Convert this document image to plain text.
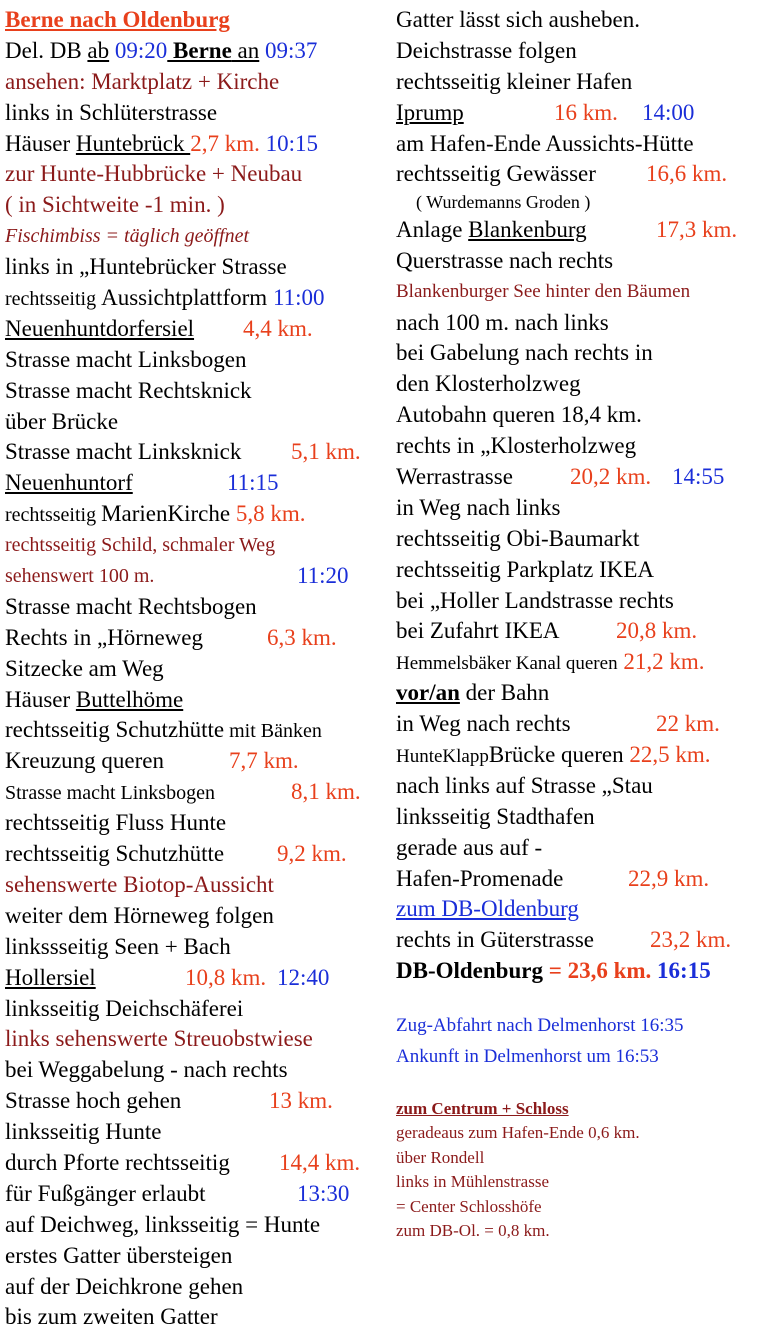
Berne nach Oldenburg
Del. DB ab 09:20 Berne an 09:37
ansehen: Marktplatz + Kirche
links in Schlüterstrasse
Häuser Huntebrück 2,7 km. 10:15
zur Hunte-Hubbrücke + Neubau
( in Sichtweite -1 min. )
Fischimbiss = täglich geöffnet
links in „Huntebrücker Strasse
rechtsseitig Aussichtplattform 11:00
Neuenhuntdorfersiel 4,4 km.
Strasse macht Linksbogen
Strasse macht Rechtsknick
über Brücke
Strasse macht Linksknick 5,1 km.
Neuenhuntorf	11:15
rechtsseitig MarienKirche 5,8 km.
rechtsseitig Schild, schmaler Weg
sehenswert 100 m.	11:20
Strasse macht Rechtsbogen
Rechts in „Hörneweg	6,3 km.
Sitzecke am Weg
Häuser Buttelhöme
rechtsseitig Schutzhütte mit Bänken
Kreuzung queren	7,7 km.
Strasse macht Linksbogen	8,1 km.
rechtsseitig Fluss Hunte
rechtsseitig Schutzhütte 9,2 km.
sehenswerte Biotop-Aussicht
weiter dem Hörneweg folgen
linkssseitig Seen + Bach
Hollersiel	10,8 km. 12:40
linksseitig Deichschäferei
links sehenswerte Streuobstwiese
bei Weggabelung - nach rechts
Strasse hoch gehen	13 km.
linksseitig Hunte
durch Pforte rechtsseitig 14,4 km.
für Fußgänger erlaubt	13:30
auf Deichweg, linksseitig = Hunte
erstes Gatter übersteigen
auf der Deichkrone gehen
bis zum zweiten Gatter
Gatter lässt sich ausheben.
Deichstrasse folgen
rechtsseitig kleiner Hafen
Iprump	16 km. 14:00
am Hafen-Ende Aussichts-Hütte
rechtsseitig Gewässer 16,6 km.
( Wurdemanns Groden )
Anlage Blankenburg	17,3 km.
Querstrasse nach rechts
Blankenburger See hinter den Bäumen
nach 100 m. nach links
bei Gabelung nach rechts in
den Klosterholzweg
Autobahn queren 18,4 km.
rechts in „Klosterholzweg
Werrastrasse 20,2 km. 14:55
in Weg nach links
rechtsseitig Obi-Baumarkt
rechtsseitig Parkplatz IKEA
bei „Holler Landstrasse rechts
bei Zufahrt IKEA 20,8 km.
Hemmelsbäker Kanal queren 21,2 km.
vor/an der Bahn
in Weg nach rechts	22 km.
HunteKlappBrücke queren 22,5 km.
nach links auf Strasse „Stau
linksseitig Stadthafen
gerade aus auf -
Hafen-Promenade	22,9 km.
zum DB-Oldenburg
rechts in Güterstrasse 23,2 km.
DB-Oldenburg = 23,6 km. 16:15
Zug-Abfahrt nach Delmenhorst 16:35
Ankunft in Delmenhorst um 16:53
zum Centrum + Schloss
geradeaus zum Hafen-Ende 0,6 km.
über Rondell
links in Mühlenstrasse
= Center Schlosshöfe
zum DB-Ol. = 0,8 km.
